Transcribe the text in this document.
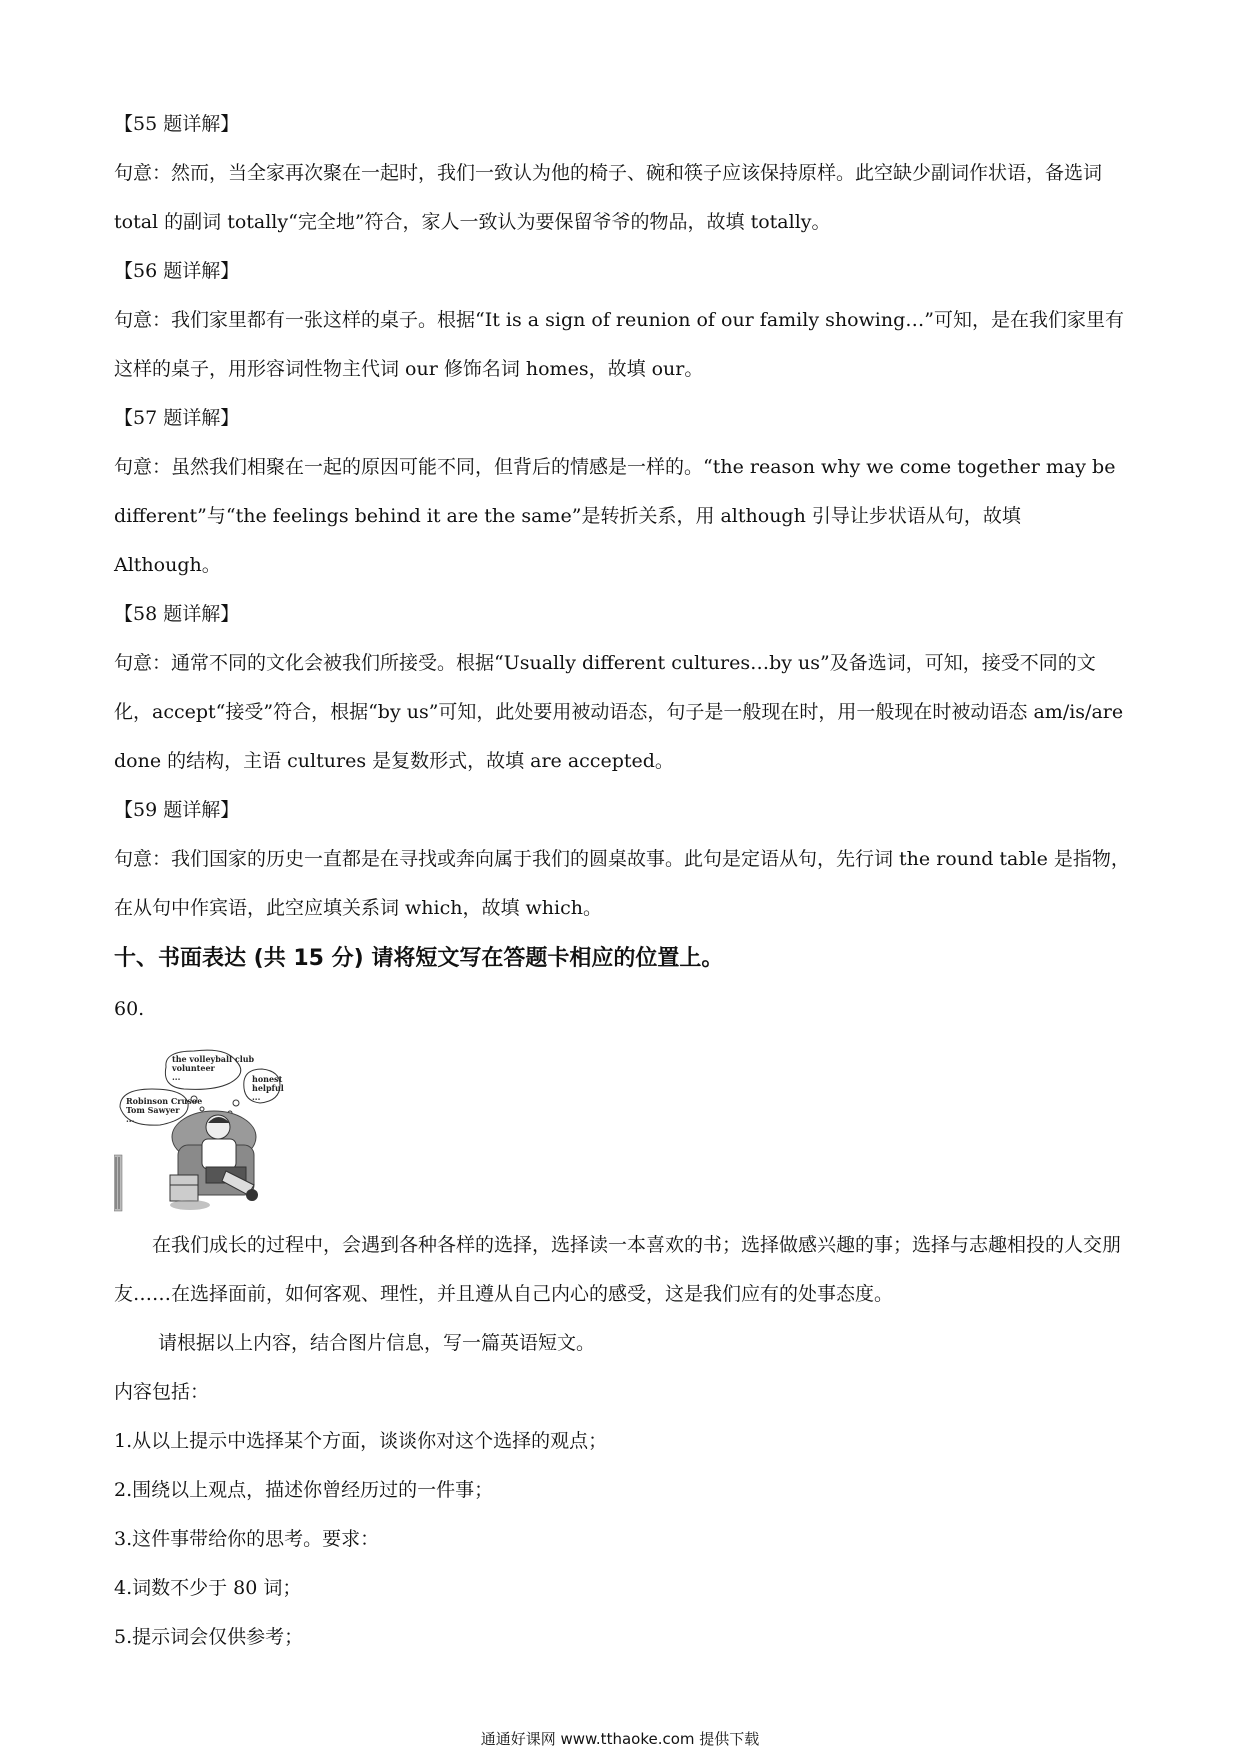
【55 题详解】

句意：然而，当全家再次聚在一起时，我们一致认为他的椅子、碗和筷子应该保持原样。此空缺少副词作状语，备选词 total 的副词 totally“完全地”符合，家人一致认为要保留爷爷的物品，故填 totally。

【56 题详解】

句意：我们家里都有一张这样的桌子。根据“It is a sign of reunion of our family showing…”可知，是在我们家里有这样的桌子，用形容词性物主代词 our 修饰名词 homes，故填 our。

【57 题详解】

句意：虽然我们相聚在一起的原因可能不同，但背后的情感是一样的。“the reason why we come together may be different”与“the feelings behind it are the same”是转折关系，用 although 引导让步状语从句，故填 Although。

【58 题详解】

句意：通常不同的文化会被我们所接受。根据“Usually different cultures…by us”及备选词，可知，接受不同的文化，accept“接受”符合，根据“by us”可知，此处要用被动语态，句子是一般现在时，用一般现在时被动语态 am/is/are done 的结构，主语 cultures 是复数形式，故填 are accepted。

【59 题详解】

句意：我们国家的历史一直都是在寻找或奔向属于我们的圆桌故事。此句是定语从句，先行词 the round table 是指物，在从句中作宾语，此空应填关系词 which，故填 which。

十、书面表达 (共 15 分) 请将短文写在答题卡相应的位置上。

60.

the volleyball club
volunteer
...	honest
helpful
...
Robinson Crusoe
Tom Sawyer
...

在我们成长的过程中，会遇到各种各样的选择，选择读一本喜欢的书；选择做感兴趣的事；选择与志趣相投的人交朋友……在选择面前，如何客观、理性，并且遵从自己内心的感受，这是我们应有的处事态度。

请根据以上内容，结合图片信息，写一篇英语短文。

内容包括：

1.从以上提示中选择某个方面，谈谈你对这个选择的观点；

2.围绕以上观点，描述你曾经历过的一件事；

3.这件事带给你的思考。要求：

4.词数不少于 80 词；

5.提示词会仅供参考；

通通好课网 www.tthaoke.com 提供下载
